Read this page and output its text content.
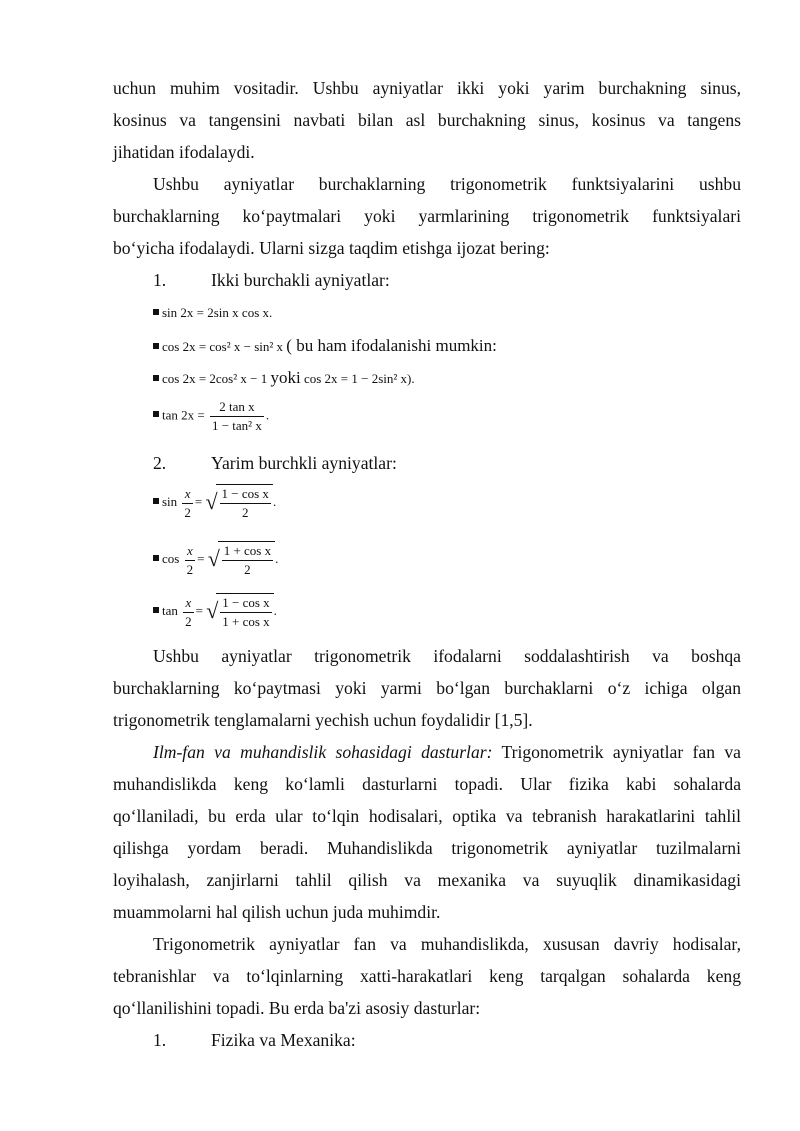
uchun muhim vositadir. Ushbu ayniyatlar ikki yoki yarim burchakning sinus,
kosinus va tangensini navbati bilan asl burchakning sinus, kosinus va tangens
jihatidan ifodalaydi.
Ushbu ayniyatlar burchaklarning trigonometrik funktsiyalarini ushbu
burchaklarning ko‘paytmalari yoki yarmlarining trigonometrik funktsiyalari
bo‘yicha ifodalaydi. Ularni sizga taqdim etishga ijozat bering:
1.	Ikki burchakli ayniyatlar:
sin 2x = 2sin x cos x.
cos 2x = cos² x − sin² x ( bu ham ifodalanishi mumkin:
cos 2x = 2cos² x − 1 yoki cos 2x = 1 − 2sin² x).
$\tan 2x = \frac{\text{2 tan x}}{\text{1 − tan² x}}$ .
2.	Yarim burchkli ayniyatlar:
$\sin \frac{x}{2}$ = √ $\frac{\text{1 − cos x}}{2}$ .
$\cos \frac{x}{2}$ = √ $\frac{\text{1 + cos x}}{2}$ .
$\tan \frac{x}{2}$ = √ $\frac{\text{1 − cos x}}{\text{1 + cos x}}$ .
Ushbu ayniyatlar trigonometrik ifodalarni soddalashtirish va boshqa
burchaklarning ko‘paytmasi yoki yarmi bo‘lgan burchaklarni o‘z ichiga olgan
trigonometrik tenglamalarni yechish uchun foydalidir [1,5].
Ilm-fan va muhandislik sohasidagi dasturlar: Trigonometrik ayniyatlar fan va
muhandislikda keng ko‘lamli dasturlarni topadi. Ular fizika kabi sohalarda
qo‘llaniladi, bu erda ular to‘lqin hodisalari, optika va tebranish harakatlarini tahlil
qilishga yordam beradi. Muhandislikda trigonometrik ayniyatlar tuzilmalarni
loyihalash, zanjirlarni tahlil qilish va mexanika va suyuqlik dinamikasidagi
muammolarni hal qilish uchun juda muhimdir.
Trigonometrik ayniyatlar fan va muhandislikda, xususan davriy hodisalar,
tebranishlar va to‘lqinlarning xatti-harakatlari keng tarqalgan sohalarda keng
qo‘llanilishini topadi. Bu erda ba'zi asosiy dasturlar:
1.	Fizika va Mexanika:
